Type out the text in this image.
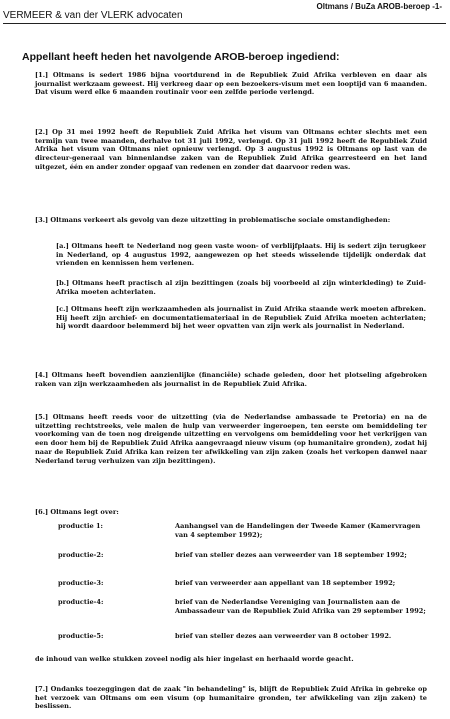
Oltmans / BuZa AROB-beroep -1-
VERMEER & van der VLERK advocaten
Appellant heeft heden het navolgende AROB-beroep ingediend:
[1.] Oltmans is sedert 1986 bijna voortdurend in de Republiek Zuid Afrika verbleven en daar als journalist werkzaam geweest. Hij verkreeg daar op een bezoekers-visum met een looptijd van 6 maanden. Dat visum werd elke 6 maanden routinair voor een zelfde periode verlengd.
[2.] Op 31 mei 1992 heeft de Republiek Zuid Afrika het visum van Oltmans echter slechts met een termijn van twee maanden, derhalve tot 31 juli 1992, verlengd. Op 31 juli 1992 heeft de Republiek Zuid Afrika het visum van Oltmans niet opnieuw verlengd. Op 3 augustus 1992 is Oltmans op last van de directeur-generaal van binnenlandse zaken van de Republiek Zuid Afrika gearresteerd en het land uitgezet, één en ander zonder opgaaf van redenen en zonder dat daarvoor reden was.
[3.] Oltmans verkeert als gevolg van deze uitzetting in problematische sociale omstandigheden:
[a.] Oltmans heeft te Nederland nog geen vaste woon- of verblijfplaats. Hij is sedert zijn terugkeer in Nederland, op 4 augustus 1992, aangewezen op het steeds wisselende tijdelijk onderdak dat vrienden en kennissen hem verlenen.
[b.] Oltmans heeft practisch al zijn bezittingen (zoals bij voorbeeld al zijn winterkleding) te Zuid-Afrika moeten achterlaten.
[c.] Oltmans heeft zijn werkzaamheden als journalist in Zuid Afrika staande werk moeten afbreken. Hij heeft zijn archief- en documentatiemateriaal in de Republiek Zuid Afrika moeten achterlaten; hij wordt daardoor belemmerd bij het weer opvatten van zijn werk als journalist in Nederland.
[4.] Oltmans heeft bovendien aanzienlijke (financiële) schade geleden, door het plotseling afgebroken raken van zijn werkzaamheden als journalist in de Republiek Zuid Afrika.
[5.] Oltmans heeft reeds voor de uitzetting (via de Nederlandse ambassade te Pretoria) en na de uitzetting rechtstreeks, vele malen de hulp van verweerder ingeroepen, ten eerste om bemiddeling ter voorkoming van de toen nog dreigende uitzetting en vervolgens om bemiddeling voor het verkrijgen van een door hem bij de Republiek Zuid Afrika aangevraagd nieuw visum (op humanitaire gronden), zodat hij naar de Republiek Zuid Afrika kan reizen ter afwikkeling van zijn zaken (zoals het verkopen danwel naar Nederland terug verhuizen van zijn bezittingen).
[6.] Oltmans legt over:
productie 1:	Aanhangsel van de Handelingen der Tweede Kamer (Kamervragen van 4 september 1992);
productie-2:	brief van steller dezes aan verweerder van 18 september 1992;
productie-3:	brief van verweerder aan appellant van 18 september 1992;
productie-4:	brief van de Nederlandse Vereniging van Journalisten aan de Ambassadeur van de Republiek Zuid Afrika van 29 september 1992;
productie-5:	brief van steller dezes aan verweerder van 8 october 1992.
de inhoud van welke stukken zoveel nodig als hier ingelast en herhaald worde geacht.
[7.] Ondanks toezeggingen dat de zaak "in behandeling" is, blijft de Republiek Zuid Afrika in gebreke op het verzoek van Oltmans om een visum (op humanitaire gronden, ter afwikkeling van zijn zaken) te beslissen.
